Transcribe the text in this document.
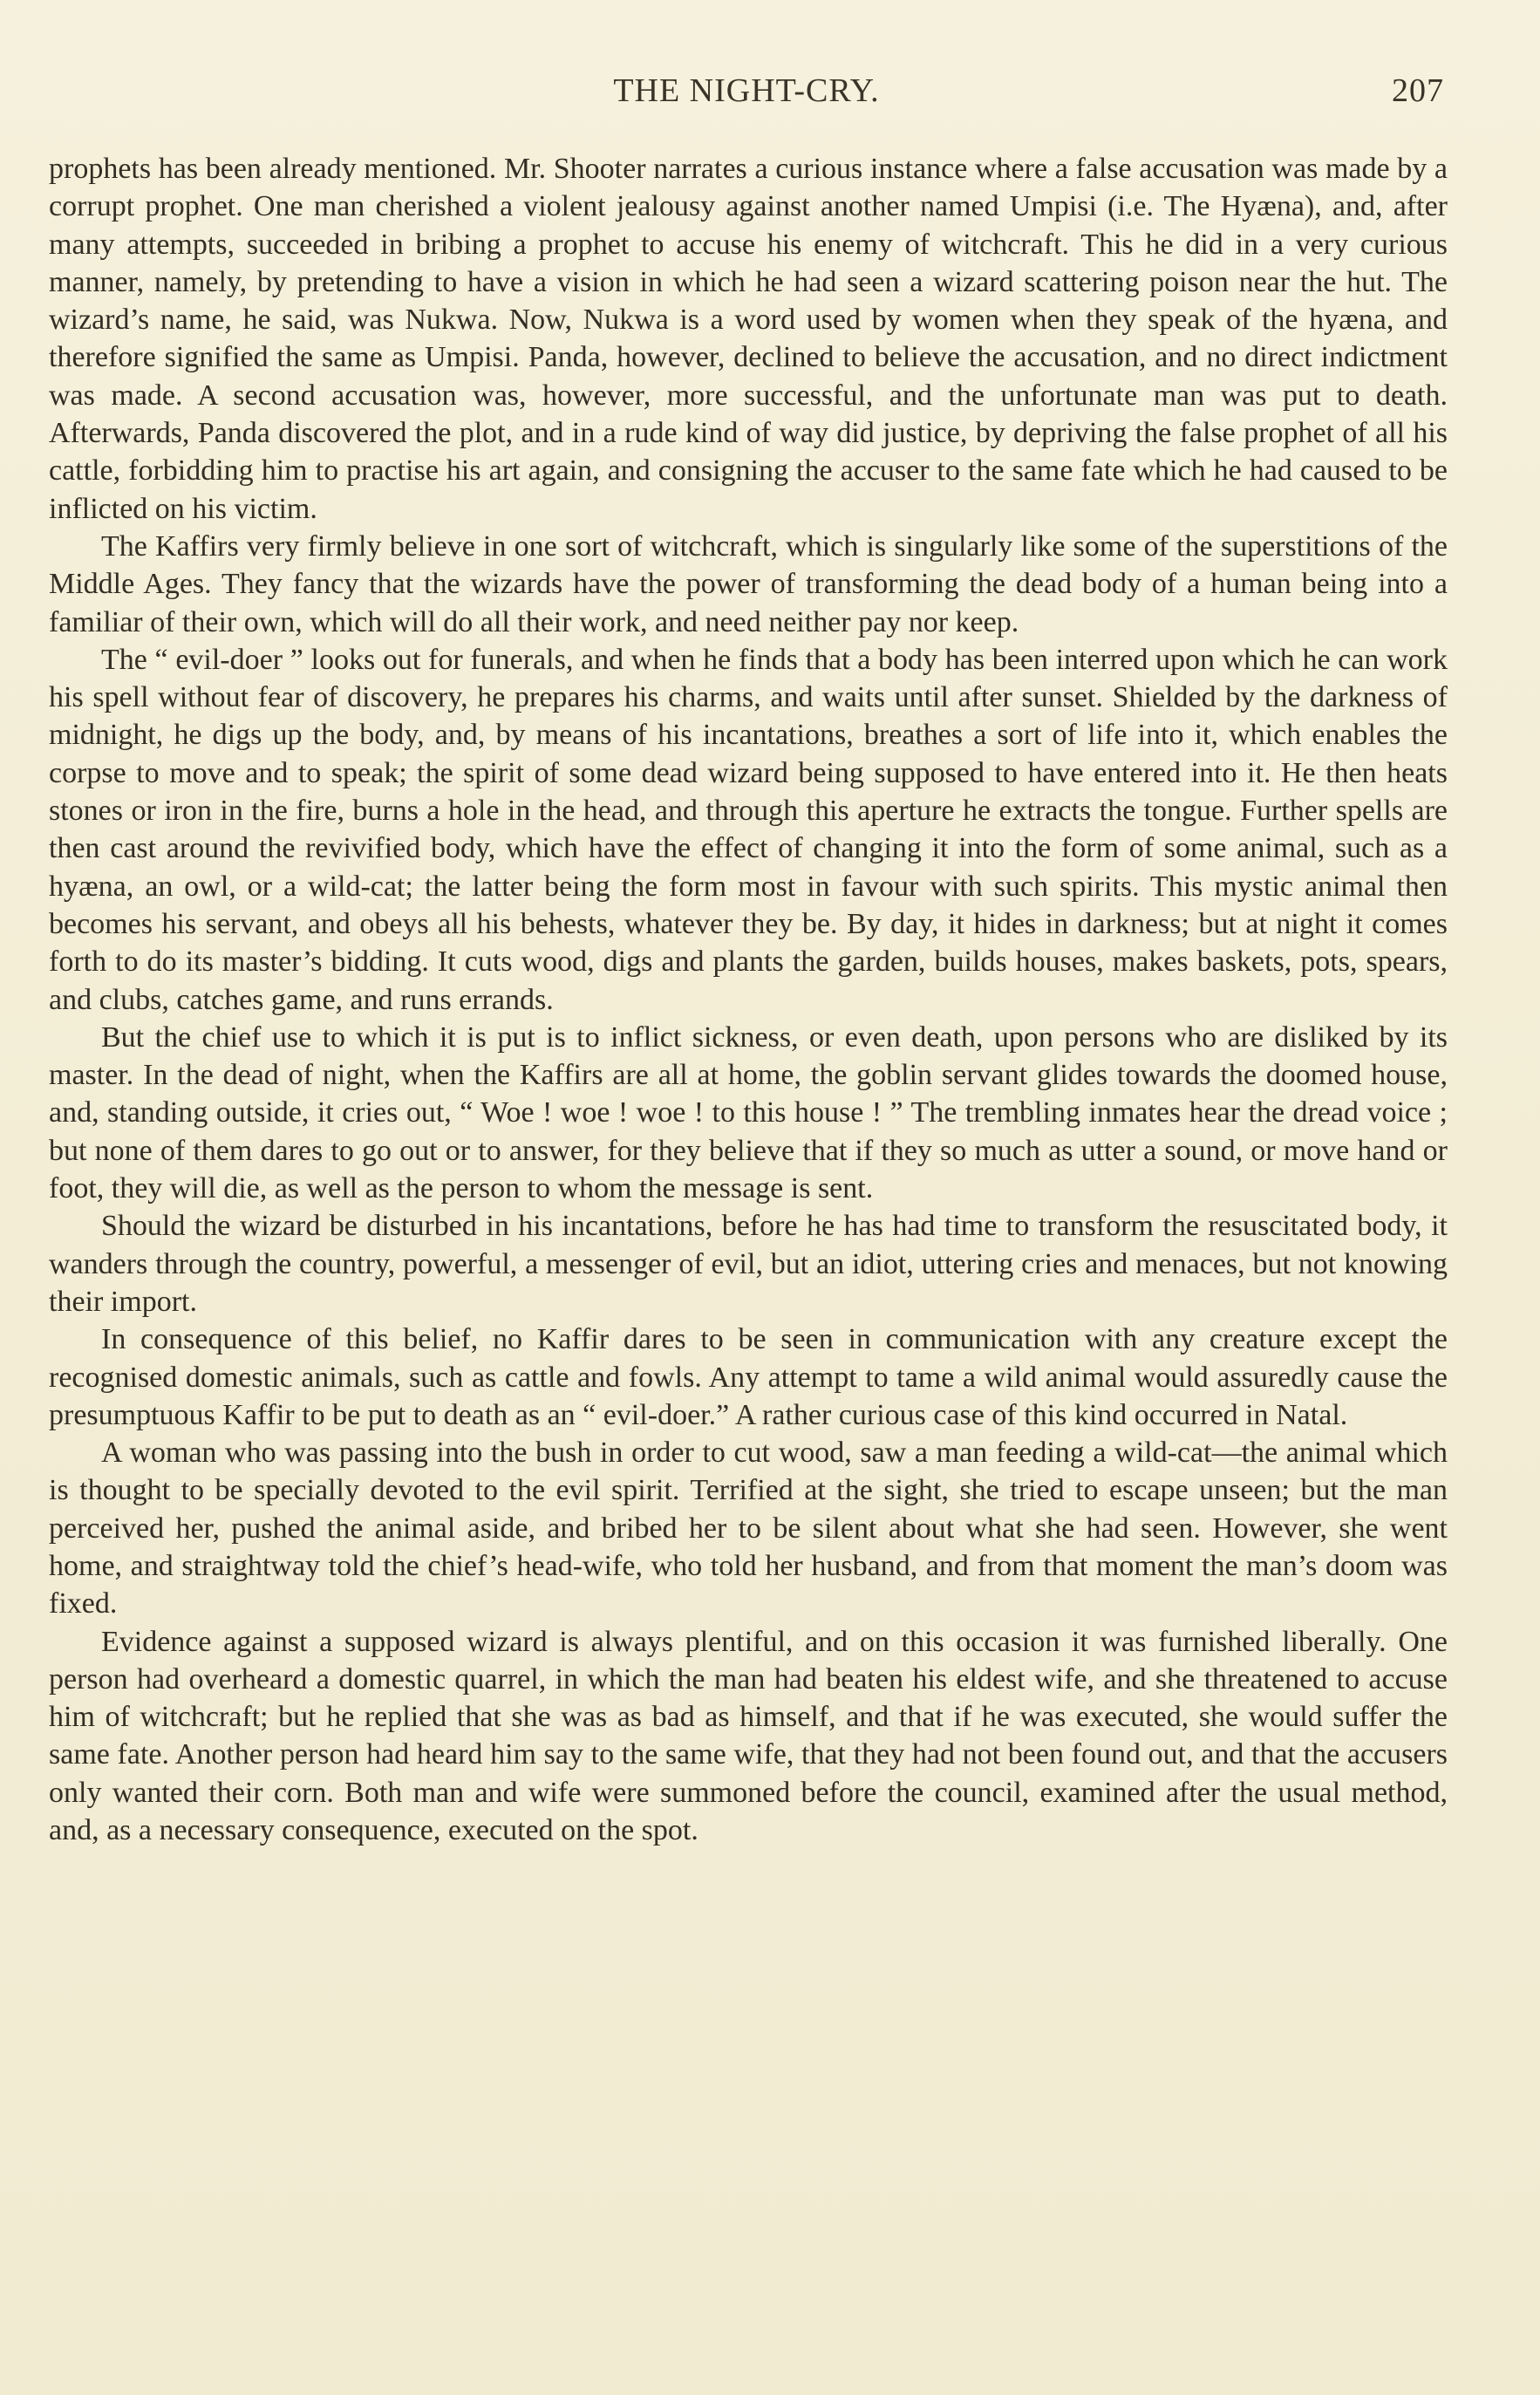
THE NIGHT-CRY.	207

prophets has been already mentioned. Mr. Shooter narrates a curious instance where a false accusation was made by a corrupt prophet. One man cherished a violent jealousy against another named Umpisi (i.e. The Hyæna), and, after many attempts, succeeded in bribing a prophet to accuse his enemy of witchcraft. This he did in a very curious manner, namely, by pretending to have a vision in which he had seen a wizard scattering poison near the hut. The wizard’s name, he said, was Nukwa. Now, Nukwa is a word used by women when they speak of the hyæna, and therefore signified the same as Umpisi. Panda, however, declined to believe the accusation, and no direct indictment was made. A second accusation was, however, more successful, and the unfortunate man was put to death. Afterwards, Panda discovered the plot, and in a rude kind of way did justice, by depriving the false prophet of all his cattle, forbidding him to practise his art again, and consigning the accuser to the same fate which he had caused to be inflicted on his victim.

The Kaffirs very firmly believe in one sort of witchcraft, which is singularly like some of the superstitions of the Middle Ages. They fancy that the wizards have the power of transforming the dead body of a human being into a familiar of their own, which will do all their work, and need neither pay nor keep.

The “ evil-doer ” looks out for funerals, and when he finds that a body has been interred upon which he can work his spell without fear of discovery, he prepares his charms, and waits until after sunset. Shielded by the darkness of midnight, he digs up the body, and, by means of his incantations, breathes a sort of life into it, which enables the corpse to move and to speak; the spirit of some dead wizard being supposed to have entered into it. He then heats stones or iron in the fire, burns a hole in the head, and through this aperture he extracts the tongue. Further spells are then cast around the revivified body, which have the effect of changing it into the form of some animal, such as a hyæna, an owl, or a wild-cat; the latter being the form most in favour with such spirits. This mystic animal then becomes his servant, and obeys all his behests, whatever they be. By day, it hides in darkness; but at night it comes forth to do its master’s bidding. It cuts wood, digs and plants the garden, builds houses, makes baskets, pots, spears, and clubs, catches game, and runs errands.

But the chief use to which it is put is to inflict sickness, or even death, upon persons who are disliked by its master. In the dead of night, when the Kaffirs are all at home, the goblin servant glides towards the doomed house, and, standing outside, it cries out, “ Woe ! woe ! woe ! to this house ! ” The trembling inmates hear the dread voice ; but none of them dares to go out or to answer, for they believe that if they so much as utter a sound, or move hand or foot, they will die, as well as the person to whom the message is sent.

Should the wizard be disturbed in his incantations, before he has had time to transform the resuscitated body, it wanders through the country, powerful, a messenger of evil, but an idiot, uttering cries and menaces, but not knowing their import.

In consequence of this belief, no Kaffir dares to be seen in communication with any creature except the recognised domestic animals, such as cattle and fowls. Any attempt to tame a wild animal would assuredly cause the presumptuous Kaffir to be put to death as an “ evil-doer.” A rather curious case of this kind occurred in Natal.

A woman who was passing into the bush in order to cut wood, saw a man feeding a wild-cat—the animal which is thought to be specially devoted to the evil spirit. Terrified at the sight, she tried to escape unseen; but the man perceived her, pushed the animal aside, and bribed her to be silent about what she had seen. However, she went home, and straightway told the chief’s head-wife, who told her husband, and from that moment the man’s doom was fixed.

Evidence against a supposed wizard is always plentiful, and on this occasion it was furnished liberally. One person had overheard a domestic quarrel, in which the man had beaten his eldest wife, and she threatened to accuse him of witchcraft; but he replied that she was as bad as himself, and that if he was executed, she would suffer the same fate. Another person had heard him say to the same wife, that they had not been found out, and that the accusers only wanted their corn. Both man and wife were summoned before the council, examined after the usual method, and, as a necessary consequence, executed on the spot.
